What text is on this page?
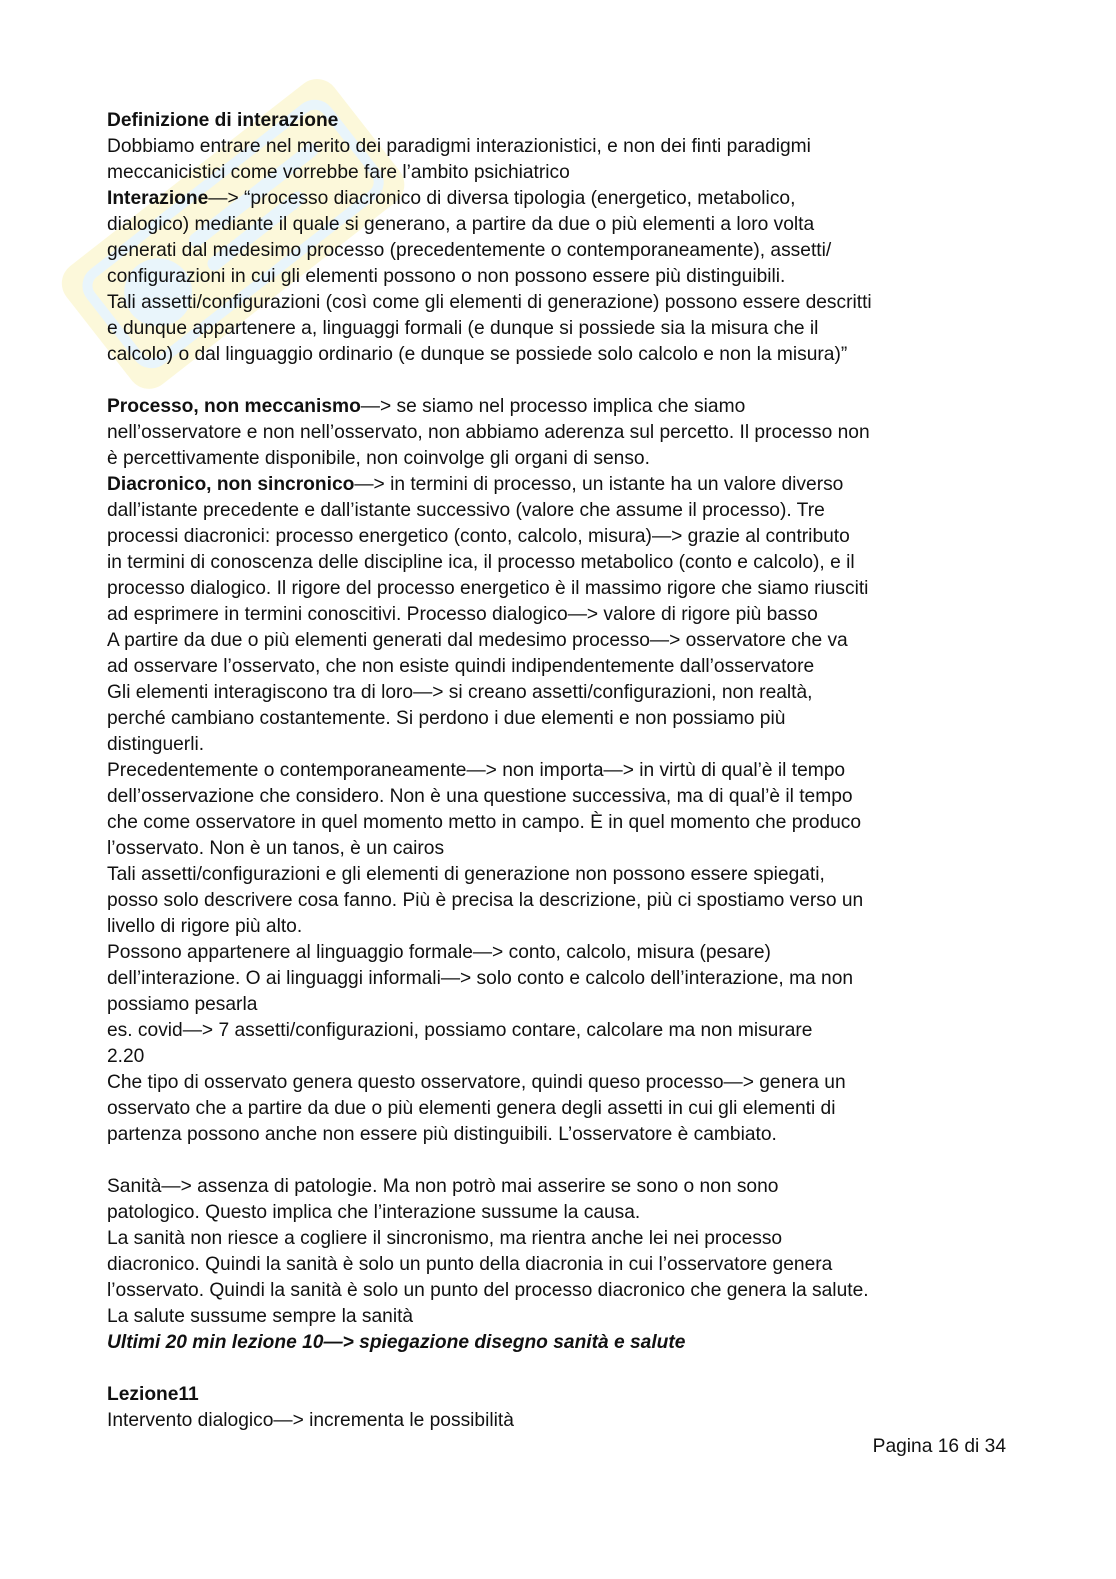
Definizione di interazione

Dobbiamo entrare nel merito dei paradigmi interazionistici, e non dei finti paradigmi

meccanicistici come vorrebbe fare l’ambito psichiatrico

Interazione—> “processo diacronico di diversa tipologia (energetico, metabolico,

dialogico) mediante il quale si generano, a partire da due o più elementi a loro volta

generati dal medesimo processo (precedentemente o contemporaneamente), assetti/

configurazioni in cui gli elementi possono o non possono essere più distinguibili.

Tali assetti/configurazioni (così come gli elementi di generazione) possono essere descritti

e dunque appartenere a, linguaggi formali (e dunque si possiede sia la misura che il

calcolo) o dal linguaggio ordinario (e dunque se possiede solo calcolo e non la misura)”

Processo, non meccanismo—> se siamo nel processo implica che siamo

nell’osservatore e non nell’osservato, non abbiamo aderenza sul percetto. Il processo non

è percettivamente disponibile, non coinvolge gli organi di senso.

Diacronico, non sincronico—> in termini di processo, un istante ha un valore diverso

dall’istante precedente e dall’istante successivo (valore che assume il processo). Tre

processi diacronici: processo energetico (conto, calcolo, misura)—> grazie al contributo

in termini di conoscenza delle discipline ica, il processo metabolico (conto e calcolo), e il

processo dialogico. Il rigore del processo energetico è il massimo rigore che siamo riusciti

ad esprimere in termini conoscitivi. Processo dialogico—> valore di rigore più basso

A partire da due o più elementi generati dal medesimo processo—> osservatore che va

ad osservare l’osservato, che non esiste quindi indipendentemente dall’osservatore

Gli elementi interagiscono tra di loro—> si creano assetti/configurazioni, non realtà,

perché cambiano costantemente. Si perdono i due elementi e non possiamo più

distinguerli.

Precedentemente o contemporaneamente—> non importa—> in virtù di qual’è il tempo

dell’osservazione che considero. Non è una questione successiva, ma di qual’è il tempo

che come osservatore in quel momento metto in campo. È in quel momento che produco

l’osservato. Non è un tanos, è un cairos

Tali assetti/configurazioni e gli elementi di generazione non possono essere spiegati,

posso solo descrivere cosa fanno. Più è precisa la descrizione, più ci spostiamo verso un

livello di rigore più alto.

Possono appartenere al linguaggio formale—> conto, calcolo, misura (pesare)

dell’interazione. O ai linguaggi informali—> solo conto e calcolo dell’interazione, ma non

possiamo pesarla

es. covid—> 7 assetti/configurazioni, possiamo contare, calcolare ma non misurare

2.20

Che tipo di osservato genera questo osservatore, quindi queso processo—> genera un

osservato che a partire da due o più elementi genera degli assetti in cui gli elementi di

partenza possono anche non essere più distinguibili. L’osservatore è cambiato.

Sanità—> assenza di patologie. Ma non potrò mai asserire se sono o non sono

patologico. Questo implica che l’interazione sussume la causa.

La sanità non riesce a cogliere il sincronismo, ma rientra anche lei nei processo

diacronico. Quindi la sanità è solo un punto della diacronia in cui l’osservatore genera

l’osservato. Quindi la sanità è solo un punto del processo diacronico che genera la salute.

La salute sussume sempre la sanità

Ultimi 20 min lezione 10—> spiegazione disegno sanità e salute

Lezione11

Intervento dialogico—> incrementa le possibilità

Pagina 16 di 34
